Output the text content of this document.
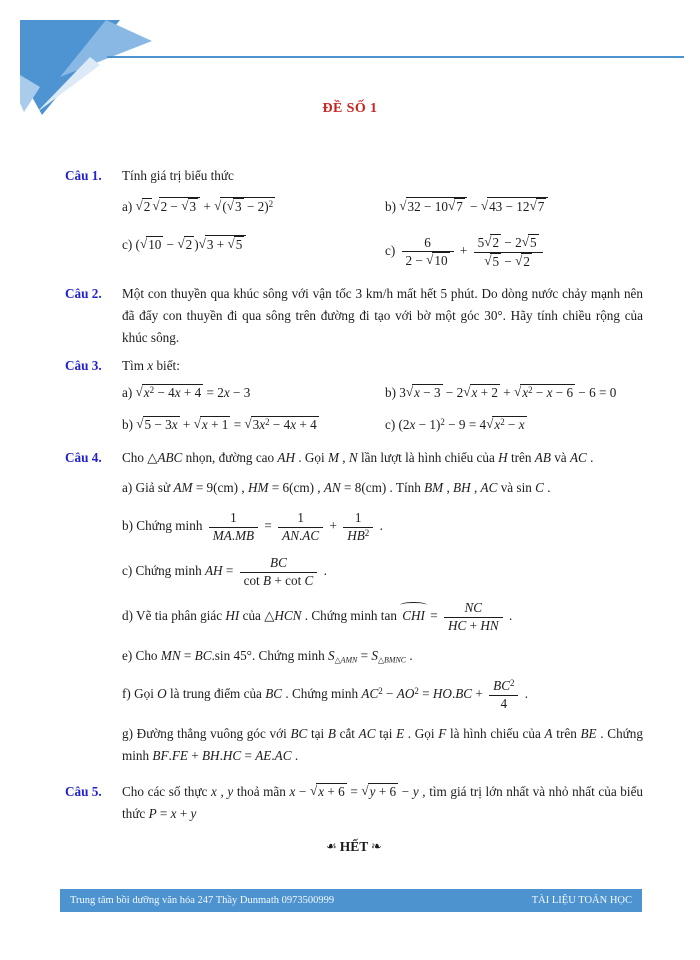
ĐỀ SỐ 1
Câu 1.	Tính giá trị biểu thức
a) √2 $√2 - √3 + √(√3 - 2)^2$	b) √32 − 10√7 − √43 − 12√7
c) (√10 − √2 )√3 + √5	$c) \frac{6}{2 - √10} + \frac{5√2 - 2√5}{√5 - √2}$
Câu 2.	Một con thuyền qua khúc sông với vận tốc 3 km/h mất hết 5 phút. Do dòng nước chảy mạnh nên đã đẩy con thuyền đi qua sông trên đường đi tạo với bờ một góc 30°. Hãy tính chiều rộng của khúc sông.
Câu 3.	Tìm x biết:
a) $√x^2 - 4x + 4 = 2x - 3$	b) $3√x - 3 - 2√x + 2 + √x^2 - x - 6 - 6 = 0$
b) $√5 - 3x + √x + 1 = √3x^2 - 4x + 4$	c) $(2x - 1)^2 - 9 = 4√x^2 - x$
Câu 4.	Cho △ABC nhọn, đường cao AH . Gọi M , N lần lượt là hình chiếu của H trên AB và AC .
a) Giả sử AM = 9(cm) , HM = 6(cm) , AN = 8(cm) . Tính BM , BH , AC và sin C .
b) Chứng minh $\frac{1}{MA.MB} = \frac{1}{AN.AC} + \frac{1}{HB^2}$ .
c) Chứng minh AH = $\frac{BC}{\text{cot B + cot C}}$ .
d) Vẽ tia phân giác HI của △HCN . Chứng minh tan CHI = $\frac{NC}{HC + HN}$ .
e) Cho MN = BC.sin 45°. Chứng minh $S_{\triangle AMN} = S_{\triangle BMNC}$ .
f) Gọi O là trung điểm của BC . Chứng minh $AC^2 - AO^2 = HO.BC + \frac{BC^2}{4}$ .
g) Đường thẳng vuông góc với BC tại B cắt AC tại E . Gọi F là hình chiếu của A trên BE . Chứng minh BF.FE + BH.HC = AE.AC .
Câu 5.	Cho các số thực x , y thoả mãn x − √x + 6 = √y + 6 − y , tìm giá trị lớn nhất và nhỏ nhất của biểu thức P = x + y
☙ HẾT ☙
Trung tâm bồi dưỡng văn hóa 247 Thầy Dunmath 0973500999	TÀI LIỆU TOÁN HỌC
